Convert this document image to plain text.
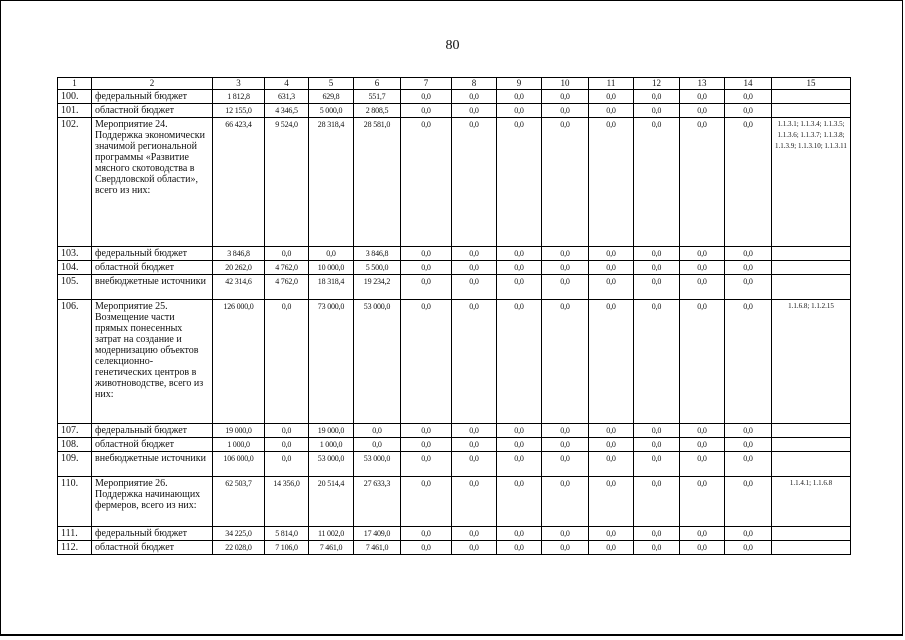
80
1	2	3	4	5	6	7	8	9	10	11	12	13	14	15
100.	федеральный бюджет	1 812,8	631,3	629,8	551,7	0,0	0,0	0,0	0,0	0,0	0,0	0,0	0,0	
101.	областной бюджет	12 155,0	4 346,5	5 000,0	2 808,5	0,0	0,0	0,0	0,0	0,0	0,0	0,0	0,0	
102.	Мероприятие 24. Поддержка экономически значимой региональной программы «Развитие мясного скотоводства в Свердловской области», всего из них:	66 423,4	9 524,0	28 318,4	28 581,0	0,0	0,0	0,0	0,0	0,0	0,0	0,0	0,0	1.1.3.1; 1.1.3.4; 1.1.3.5; 1.1.3.6; 1.1.3.7; 1.1.3.8; 1.1.3.9; 1.1.3.10; 1.1.3.11
103.	федеральный бюджет	3 846,8	0,0	0,0	3 846,8	0,0	0,0	0,0	0,0	0,0	0,0	0,0	0,0	
104.	областной бюджет	20 262,0	4 762,0	10 000,0	5 500,0	0,0	0,0	0,0	0,0	0,0	0,0	0,0	0,0	
105.	внебюджетные источники	42 314,6	4 762,0	18 318,4	19 234,2	0,0	0,0	0,0	0,0	0,0	0,0	0,0	0,0	
106.	Мероприятие 25. Возмещение части прямых понесенных затрат на создание и модернизацию объектов селекционно-генетических центров в животноводстве, всего из них:	126 000,0	0,0	73 000,0	53 000,0	0,0	0,0	0,0	0,0	0,0	0,0	0,0	0,0	1.1.6.8; 1.1.2.15
107.	федеральный бюджет	19 000,0	0,0	19 000,0	0,0	0,0	0,0	0,0	0,0	0,0	0,0	0,0	0,0	
108.	областной бюджет	1 000,0	0,0	1 000,0	0,0	0,0	0,0	0,0	0,0	0,0	0,0	0,0	0,0	
109.	внебюджетные источники	106 000,0	0,0	53 000,0	53 000,0	0,0	0,0	0,0	0,0	0,0	0,0	0,0	0,0	
110.	Мероприятие 26. Поддержка начинающих фермеров, всего из них:	62 503,7	14 356,0	20 514,4	27 633,3	0,0	0,0	0,0	0,0	0,0	0,0	0,0	0,0	1.1.4.1; 1.1.6.8
111.	федеральный бюджет	34 225,0	5 814,0	11 002,0	17 409,0	0,0	0,0	0,0	0,0	0,0	0,0	0,0	0,0	
112.	областной бюджет	22 028,0	7 106,0	7 461,0	7 461,0	0,0	0,0	0,0	0,0	0,0	0,0	0,0	0,0	
